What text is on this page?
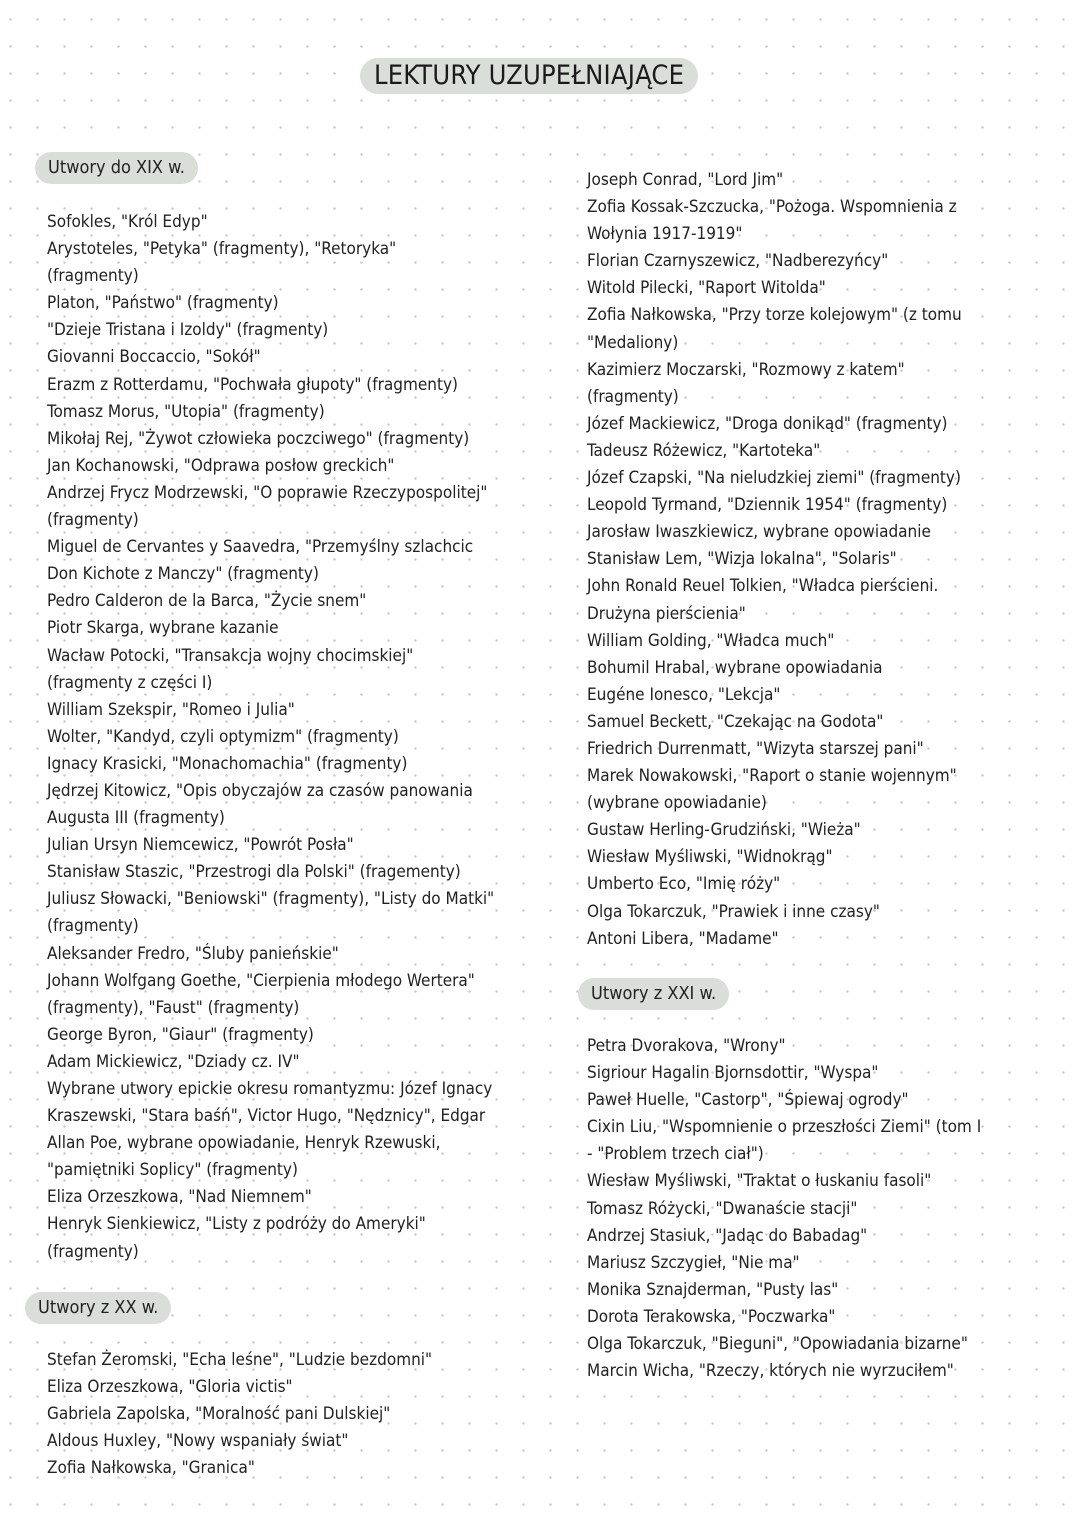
LEKTURY UZUPEŁNIAJĄCE
Utwory do XIX w.
Sofokles, "Król Edyp"
Arystoteles, "Petyka" (fragmenty), "Retoryka"
(fragmenty)
Platon, "Państwo" (fragmenty)
"Dzieje Tristana i Izoldy" (fragmenty)
Giovanni Boccaccio, "Sokół"
Erazm z Rotterdamu, "Pochwała głupoty" (fragmenty)
Tomasz Morus, "Utopia" (fragmenty)
Mikołaj Rej, "Żywot człowieka poczciwego" (fragmenty)
Jan Kochanowski, "Odprawa posłow greckich"
Andrzej Frycz Modrzewski, "O poprawie Rzeczypospolitej"
(fragmenty)
Miguel de Cervantes y Saavedra, "Przemyślny szlachcic
Don Kichote z Manczy" (fragmenty)
Pedro Calderon de la Barca, "Życie snem"
Piotr Skarga, wybrane kazanie
Wacław Potocki, "Transakcja wojny chocimskiej"
(fragmenty z części I)
William Szekspir, "Romeo i Julia"
Wolter, "Kandyd, czyli optymizm" (fragmenty)
Ignacy Krasicki, "Monachomachia" (fragmenty)
Jędrzej Kitowicz, "Opis obyczajów za czasów panowania
Augusta III (fragmenty)
Julian Ursyn Niemcewicz, "Powrót Posła"
Stanisław Staszic, "Przestrogi dla Polski" (fragementy)
Juliusz Słowacki, "Beniowski" (fragmenty), "Listy do Matki"
(fragmenty)
Aleksander Fredro, "Śluby panieńskie"
Johann Wolfgang Goethe, "Cierpienia młodego Wertera"
(fragmenty), "Faust" (fragmenty)
George Byron, "Giaur" (fragmenty)
Adam Mickiewicz, "Dziady cz. IV"
Wybrane utwory epickie okresu romantyzmu: Józef Ignacy
Kraszewski, "Stara baśń", Victor Hugo, "Nędznicy", Edgar
Allan Poe, wybrane opowiadanie, Henryk Rzewuski,
"pamiętniki Soplicy" (fragmenty)
Eliza Orzeszkowa, "Nad Niemnem"
Henryk Sienkiewicz, "Listy z podróży do Ameryki"
(fragmenty)
Utwory z XX w.
Stefan Żeromski, "Echa leśne", "Ludzie bezdomni"
Eliza Orzeszkowa, "Gloria victis"
Gabriela Zapolska, "Moralność pani Dulskiej"
Aldous Huxley, "Nowy wspaniały świat"
Zofia Nałkowska, "Granica"
Joseph Conrad, "Lord Jim"
Zofia Kossak-Szczucka, "Pożoga. Wspomnienia z
Wołynia 1917-1919"
Florian Czarnyszewicz, "Nadberezyńcy"
Witold Pilecki, "Raport Witolda"
Zofia Nałkowska, "Przy torze kolejowym" (z tomu
"Medaliony)
Kazimierz Moczarski, "Rozmowy z katem"
(fragmenty)
Józef Mackiewicz, "Droga donikąd" (fragmenty)
Tadeusz Różewicz, "Kartoteka"
Józef Czapski, "Na nieludzkiej ziemi" (fragmenty)
Leopold Tyrmand, "Dziennik 1954" (fragmenty)
Jarosław Iwaszkiewicz, wybrane opowiadanie
Stanisław Lem, "Wizja lokalna", "Solaris"
John Ronald Reuel Tolkien, "Władca pierścieni.
Drużyna pierścienia"
William Golding, "Władca much"
Bohumil Hrabal, wybrane opowiadania
Eugéne Ionesco, "Lekcja"
Samuel Beckett, "Czekając na Godota"
Friedrich Durrenmatt, "Wizyta starszej pani"
Marek Nowakowski, "Raport o stanie wojennym"
(wybrane opowiadanie)
Gustaw Herling-Grudziński, "Wieża"
Wiesław Myśliwski, "Widnokrąg"
Umberto Eco, "Imię róży"
Olga Tokarczuk, "Prawiek i inne czasy"
Antoni Libera, "Madame"
Utwory z XXI w.
Petra Dvorakova, "Wrony"
Sigriour Hagalin Bjornsdottir, "Wyspa"
Paweł Huelle, "Castorp", "Śpiewaj ogrody"
Cixin Liu, "Wspomnienie o przeszłości Ziemi" (tom I
- "Problem trzech ciał")
Wiesław Myśliwski, "Traktat o łuskaniu fasoli"
Tomasz Różycki, "Dwanaście stacji"
Andrzej Stasiuk, "Jadąc do Babadag"
Mariusz Szczygieł, "Nie ma"
Monika Sznajderman, "Pusty las"
Dorota Terakowska, "Poczwarka"
Olga Tokarczuk, "Bieguni", "Opowiadania bizarne"
Marcin Wicha, "Rzeczy, których nie wyrzuciłem"
